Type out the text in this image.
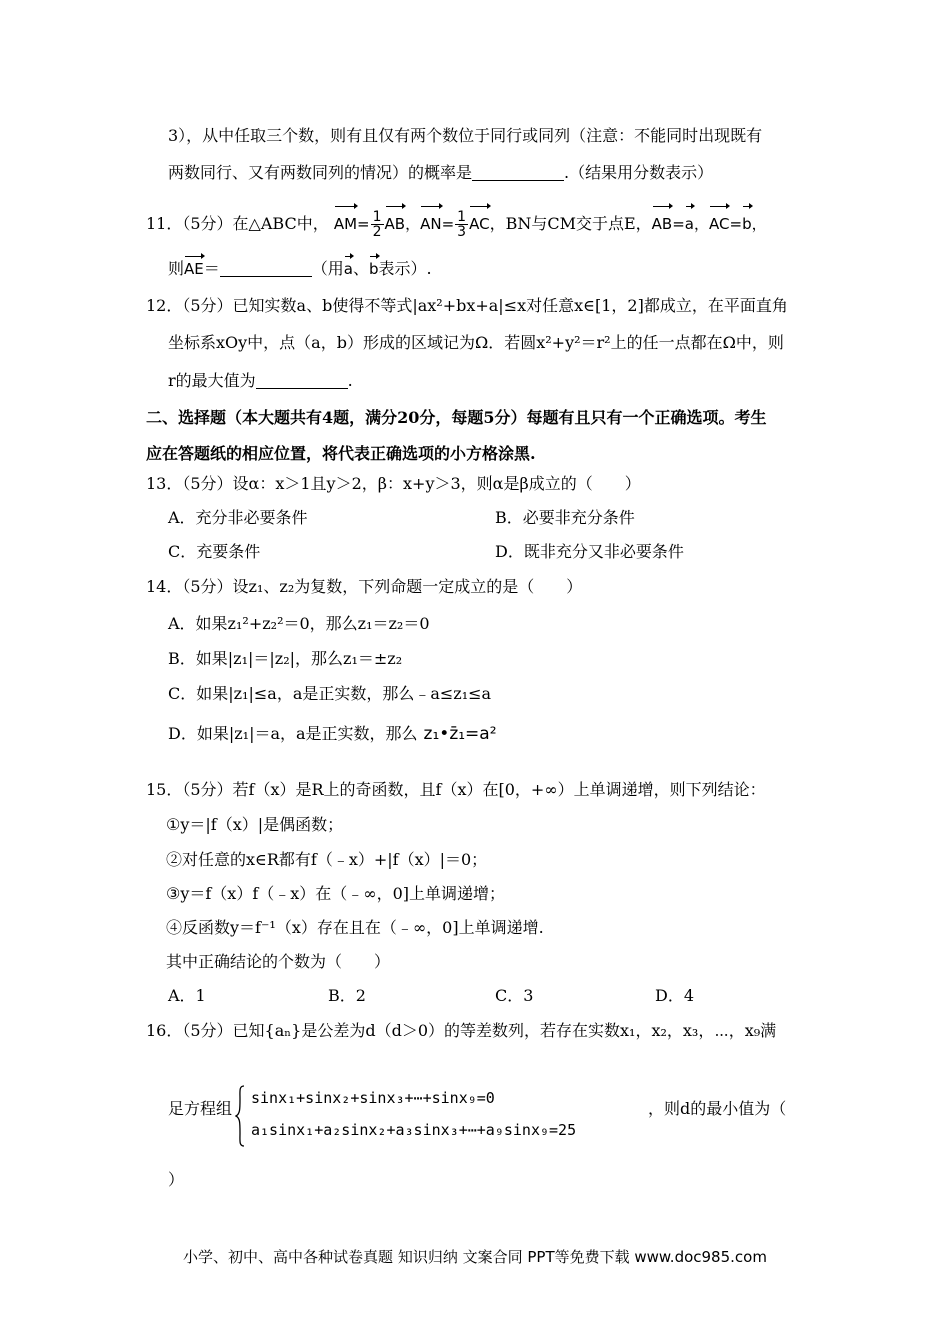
3），从中任取三个数，则有且仅有两个数位于同行或同列（注意：不能同时出现既有
两数同行、又有两数同列的情况）的概率是	.（结果用分数表示）
11．（5分）在△ABC中， $AM= \frac{1}{2}$ AB，$AN= \frac{1}{3}$ AC，BN与CM交于点E，AB=a，AC=b，
则AE＝	（用a、b表示）.
12．（5分）已知实数a、b使得不等式|ax²+bx+a|≤x对任意x∈[1，2]都成立，在平面直角
坐标系xOy中，点（a，b）形成的区域记为Ω．若圆x²+y²＝r²上的任一点都在Ω中，则
r的最大值为	.
二、选择题（本大题共有4题，满分20分，每题5分）每题有且只有一个正确选项。考生
应在答题纸的相应位置，将代表正确选项的小方格涂黑.
13．（5分）设α：x＞1且y＞2，β：x+y＞3，则α是β成立的（　　）
A．充分非必要条件	B．必要非充分条件
C．充要条件	D．既非充分又非必要条件
14．（5分）设z₁、z₂为复数，下列命题一定成立的是（　　）
A．如果z₁²+z₂²＝0，那么z₁＝z₂＝0
B．如果|z₁|＝|z₂|，那么z₁＝±z₂
C．如果|z₁|≤a，a是正实数，那么﹣a≤z₁≤a
D．如果|z₁|＝a，a是正实数，那么 z₁•z̄₁=a²
15．（5分）若f（x）是R上的奇函数，且f（x）在[0，+∞）上单调递增，则下列结论：
①y＝|f（x）|是偶函数；
②对任意的x∈R都有f（﹣x）+|f（x）|＝0；
③y＝f（x）f（﹣x）在（﹣∞，0]上单调递增；
④反函数y＝f⁻¹（x）存在且在（﹣∞，0]上单调递增.
其中正确结论的个数为（　　）
A．1	B．2	C．3	D．4
16．（5分）已知{aₙ}是公差为d（d＞0）的等差数列，若存在实数x₁，x₂，x₃，⋯，x₉满
足方程组
sinx₁+sinx₂+sinx₃+⋯+sinx₉=0
a₁sinx₁+a₂sinx₂+a₃sinx₃+⋯+a₉sinx₉=25
，则d的最小值为（
）
小学、初中、高中各种试卷真题 知识归纳 文案合同 PPT等免费下载 www.doc985.com
